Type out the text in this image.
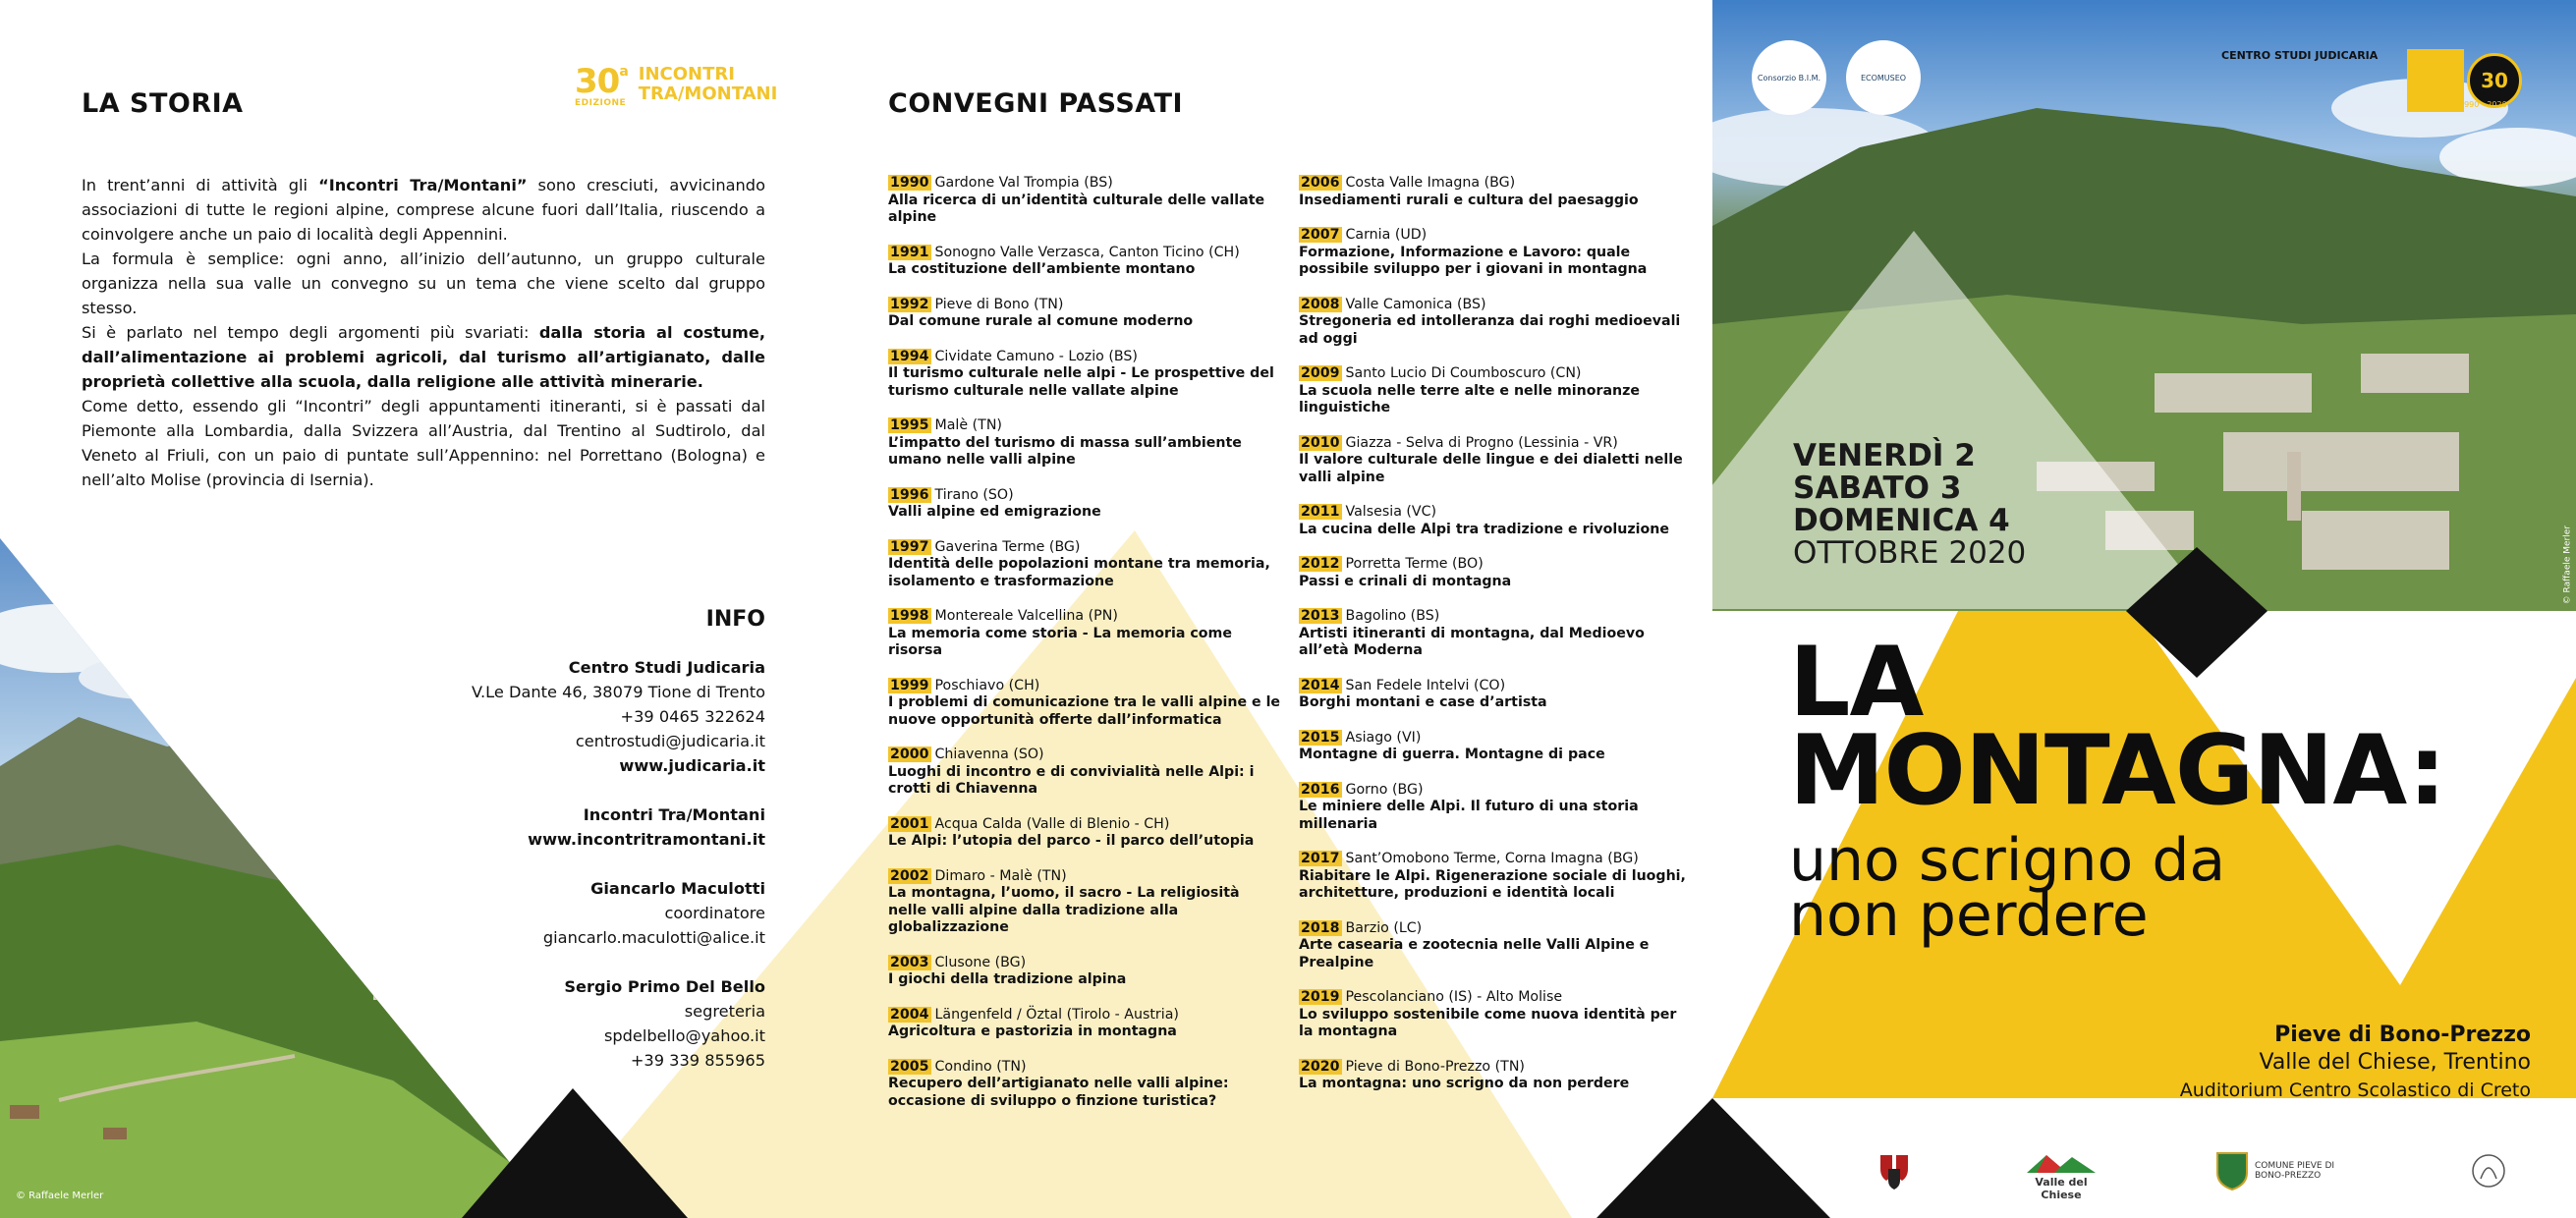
LA STORIA
30 a
EDIZIONE
INCONTRI
TRA/MONTANI

In trent’anni di attività gli “Incontri Tra/Montani” sono cresciuti, avvicinando associazioni di tutte le regioni alpine, comprese alcune fuori dall’Italia, riuscendo a coinvolgere anche un paio di località degli Appennini.

La formula è semplice: ogni anno, all’inizio dell’autunno, un gruppo culturale organizza nella sua valle un convegno su un tema che viene scelto dal gruppo stesso.

Si è parlato nel tempo degli argomenti più svariati: dalla storia al costume, dall’alimentazione ai problemi agricoli, dal turismo all’artigianato, dalle proprietà collettive alla scuola, dalla religione alle attività minerarie.

Come detto, essendo gli “Incontri” degli appuntamenti itineranti, si è passati dal Piemonte alla Lombardia, dalla Svizzera all’Austria, dal Trentino al Sudtirolo, dal Veneto al Friuli, con un paio di puntate sull’Appennino: nel Porrettano (Bologna) e nell’alto Molise (provincia di Isernia).

INFO
Centro Studi Judicaria
V.Le Dante 46, 38079 Tione di Trento
+39 0465 322624
centrostudi@judicaria.it
www.judicaria.it
Incontri Tra/Montani
www.incontritramontani.it
Giancarlo Maculotti
coordinatore
giancarlo.maculotti@alice.it
Sergio Primo Del Bello
segreteria
spdelbello@yahoo.it
+39 339 855965
© Raffaele Merler
CONVEGNI PASSATI
1990 Gardone Val Trompia (BS)
Alla ricerca di un’identità culturale delle vallate alpine
1991 Sonogno Valle Verzasca, Canton Ticino (CH)
La costituzione dell’ambiente montano
1992 Pieve di Bono (TN)
Dal comune rurale al comune moderno
1994 Cividate Camuno - Lozio (BS)
Il turismo culturale nelle alpi - Le prospettive del turismo culturale nelle vallate alpine
1995 Malè (TN)
L’impatto del turismo di massa sull’ambiente umano nelle valli alpine
1996 Tirano (SO)
Valli alpine ed emigrazione
1997 Gaverina Terme (BG)
Identità delle popolazioni montane tra memoria, isolamento e trasformazione
1998 Montereale Valcellina (PN)
La memoria come storia - La memoria come risorsa
1999 Poschiavo (CH)
I problemi di comunicazione tra le valli alpine e le nuove opportunità offerte dall’informatica
2000 Chiavenna (SO)
Luoghi di incontro e di convivialità nelle Alpi: i crotti di Chiavenna
2001 Acqua Calda (Valle di Blenio - CH)
Le Alpi: l’utopia del parco - il parco dell’utopia
2002 Dimaro - Malè (TN)
La montagna, l’uomo, il sacro - La religiosità nelle valli alpine dalla tradizione alla globalizzazione
2003 Clusone (BG)
I giochi della tradizione alpina
2004 Längenfeld / Öztal (Tirolo - Austria)
Agricoltura e pastorizia in montagna
2005 Condino (TN)
Recupero dell’artigianato nelle valli alpine: occasione di sviluppo o finzione turistica?
2006 Costa Valle Imagna (BG)
Insediamenti rurali e cultura del paesaggio
2007 Carnia (UD)
Formazione, Informazione e Lavoro: quale possibile sviluppo per i giovani in montagna
2008 Valle Camonica (BS)
Stregoneria ed intolleranza dai roghi medioevali ad oggi
2009 Santo Lucio Di Coumboscuro (CN)
La scuola nelle terre alte e nelle minoranze linguistiche
2010 Giazza - Selva di Progno (Lessinia - VR)
Il valore culturale delle lingue e dei dialetti nelle valli alpine
2011 Valsesia (VC)
La cucina delle Alpi tra tradizione e rivoluzione
2012 Porretta Terme (BO)
Passi e crinali di montagna
2013 Bagolino (BS)
Artisti itineranti di montagna, dal Medioevo all’età Moderna
2014 San Fedele Intelvi (CO)
Borghi montani e case d’artista
2015 Asiago (VI)
Montagne di guerra. Montagne di pace
2016 Gorno (BG)
Le miniere delle Alpi. Il futuro di una storia millenaria
2017 Sant’Omobono Terme, Corna Imagna (BG)
Riabitare le Alpi. Rigenerazione sociale di luoghi, architetture, produzioni e identità locali
2018 Barzio (LC)
Arte casearia e zootecnia nelle Valli Alpine e Prealpine
2019 Pescolanciano (IS) - Alto Molise
Lo sviluppo sostenibile come nuova identità per la montagna
2020 Pieve di Bono-Prezzo (TN)
La montagna: uno scrigno da non perdere
Consorzio B.I.M.	ECOMUSEO
CENTRO STUDI JUDICARIA
30
1990 - 2020
VENERDÌ 2
SABATO 3
DOMENICA 4
OTTOBRE 2020	© Raffaele Merler
30 a
EDIZIONE
INCONTRI
TRA/MONTANI
LA
MONTAGNA:
uno scrigno da
non perdere
Pieve di Bono-Prezzo
Valle del Chiese, Trentino
Auditorium Centro Scolastico di Creto
Valle del Chiese
COMUNE PIEVE DI BONO-PREZZO
